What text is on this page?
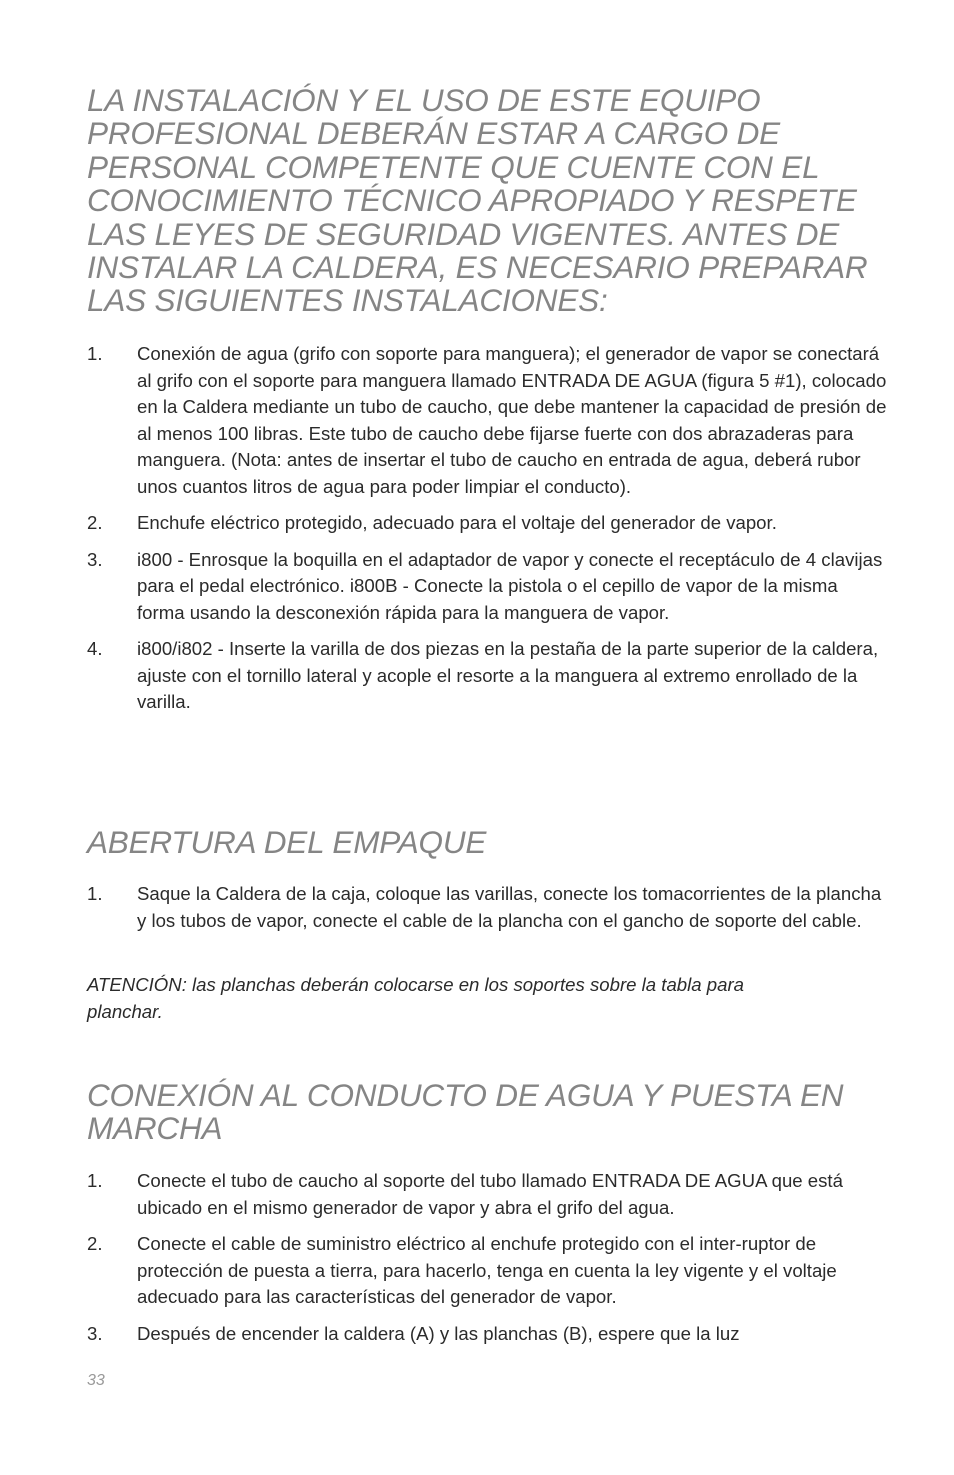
LA INSTALACIÓN Y EL USO DE ESTE EQUIPO PROFESIONAL DEBERÁN ESTAR A CARGO DE PERSONAL COMPETENTE QUE CUENTE CON EL CONOCIMIENTO TÉCNICO APROPIADO Y RESPETE LAS LEYES DE SEGURIDAD VIGENTES. ANTES DE INSTALAR LA CALDERA, ES NECESARIO PREPARAR LAS SIGUIENTES INSTALACIONES:
1. Conexión de agua (grifo con soporte para manguera); el generador de vapor se conectará al grifo con el soporte para manguera llamado ENTRADA DE AGUA (figura 5 #1), colocado en la Caldera mediante un tubo de caucho, que debe mantener la capacidad de presión de al menos 100 libras. Este tubo de caucho debe fijarse fuerte con dos abrazaderas para manguera. (Nota: antes de insertar el tubo de caucho en entrada de agua, deberá rubor unos cuantos litros de agua para poder limpiar el conducto).
2. Enchufe eléctrico protegido, adecuado para el voltaje del generador de vapor.
3. i800 - Enrosque la boquilla en el adaptador de vapor y conecte el receptáculo de 4 clavijas para el pedal electrónico. i800B - Conecte la pistola o el cepillo de vapor de la misma forma usando la desconexión rápida para la manguera de vapor.
4. i800/i802 - Inserte la varilla de dos piezas en la pestaña de la parte superior de la caldera, ajuste con el tornillo lateral y acople el resorte a la manguera al extremo enrollado de la varilla.
ABERTURA DEL EMPAQUE
1. Saque la Caldera de la caja, coloque las varillas, conecte los tomacorrientes de la plancha y los tubos de vapor, conecte el cable de la plancha con el gancho de soporte del cable.

ATENCIÓN: las planchas deberán colocarse en los soportes sobre la tabla para planchar.

CONEXIÓN AL CONDUCTO DE AGUA Y PUESTA EN MARCHA
1. Conecte el tubo de caucho al soporte del tubo llamado ENTRADA DE AGUA que está ubicado en el mismo generador de vapor y abra el grifo del agua.
2. Conecte el cable de suministro eléctrico al enchufe protegido con el inter-ruptor de protección de puesta a tierra, para hacerlo, tenga en cuenta la ley vigente y el voltaje adecuado para las características del generador de vapor.
3. Después de encender la caldera (A) y las planchas (B), espere que la luz

33
